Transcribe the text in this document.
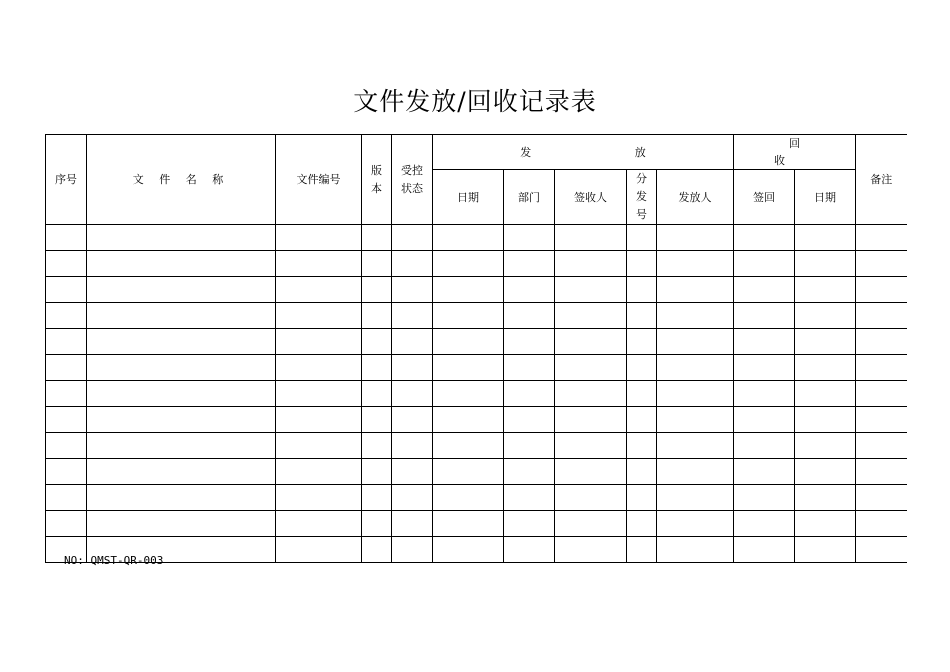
文件发放/回收记录表
序号	文 件 名 称	文件编号	版本	受控状态	发 放					回 收		备注
					日期	部门	签收人	分发号	发放人	签回	日期	

NO: QMST-QR-003
